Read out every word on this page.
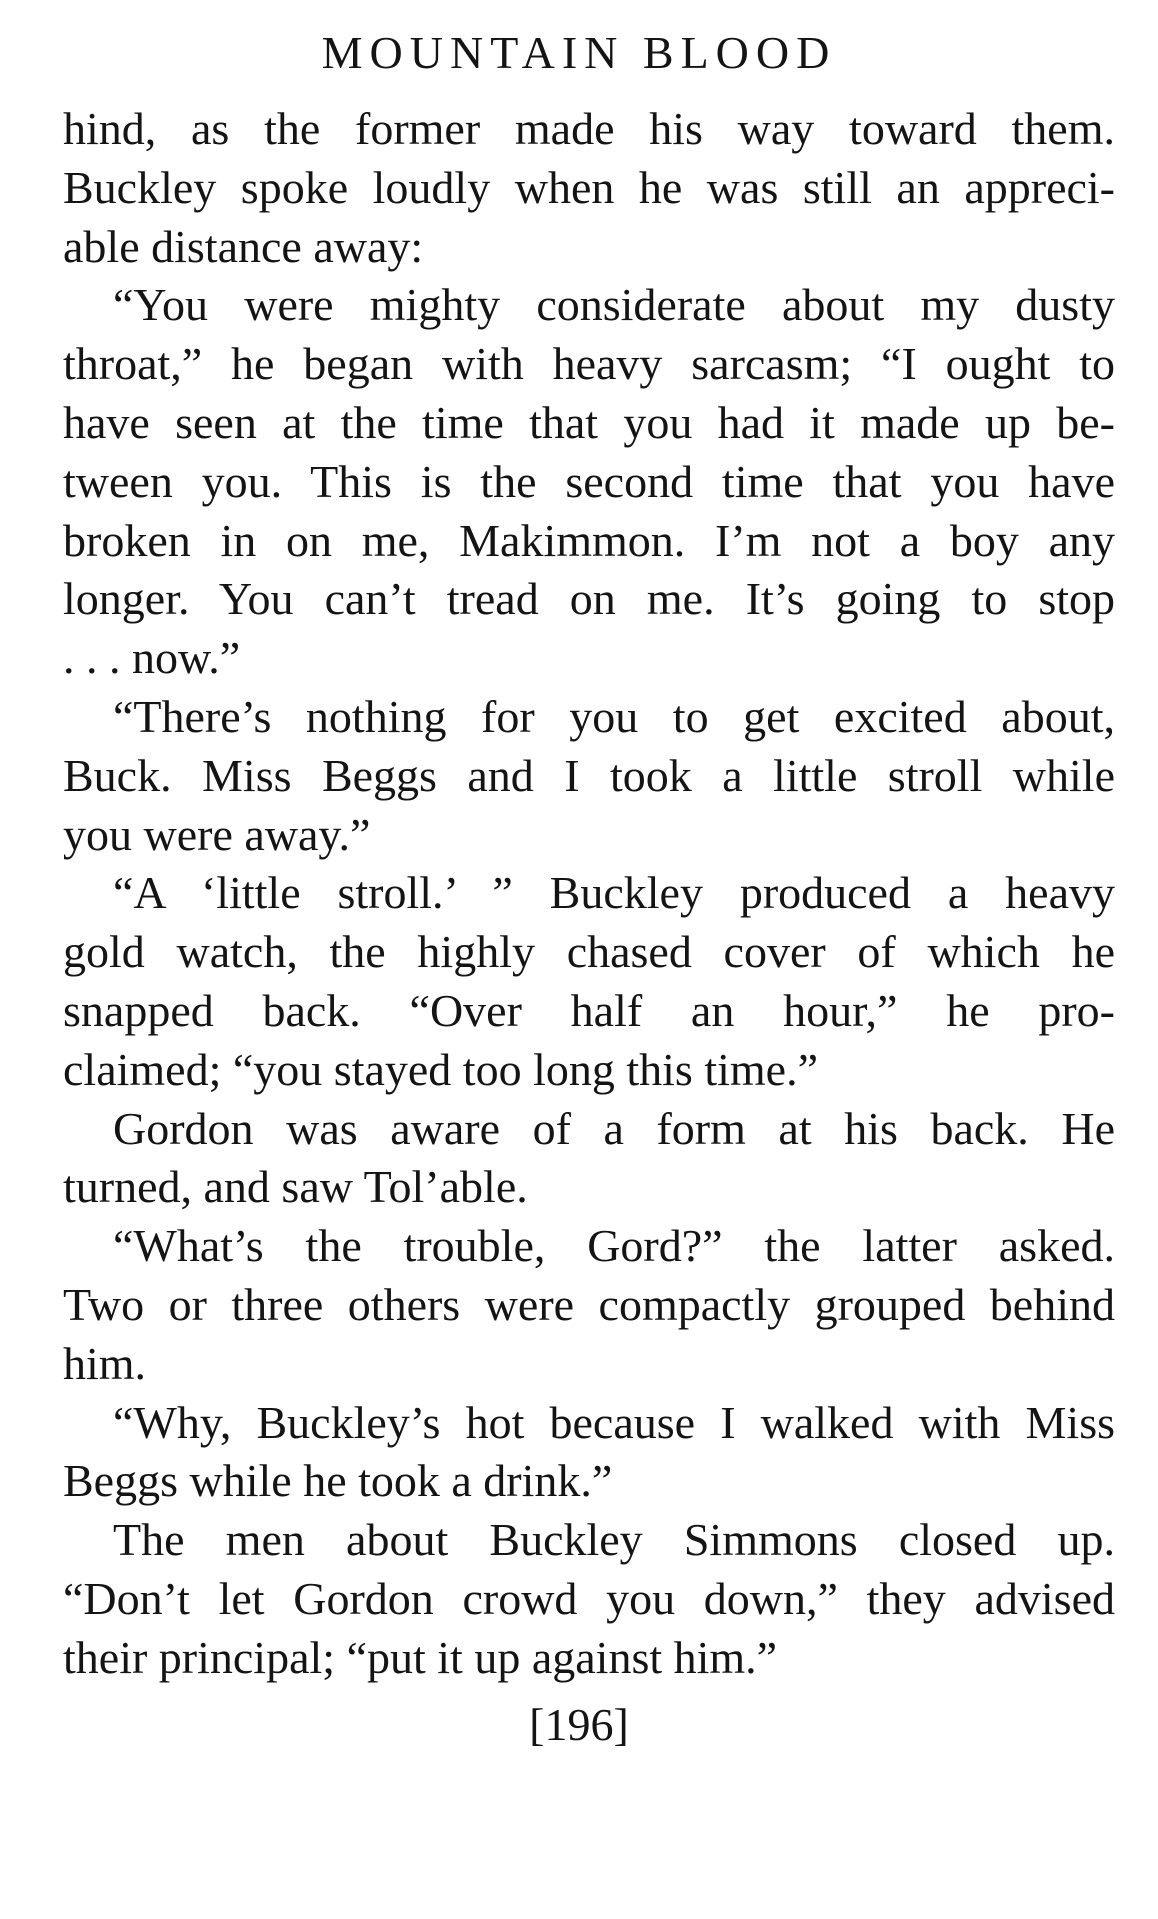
MOUNTAIN BLOOD
hind, as the former made his way toward them.
Buckley spoke loudly when he was still an appreci-
able distance away:
“You were mighty considerate about my dusty
throat,” he began with heavy sarcasm; “I ought to
have seen at the time that you had it made up be-
tween you. This is the second time that you have
broken in on me, Makimmon. I’m not a boy any
longer. You can’t tread on me. It’s going to stop
. . . now.”
“There’s nothing for you to get excited about,
Buck. Miss Beggs and I took a little stroll while
you were away.”
“A ‘little stroll.’ ” Buckley produced a heavy
gold watch, the highly chased cover of which he
snapped back. “Over half an hour,” he pro-
claimed; “you stayed too long this time.”
Gordon was aware of a form at his back. He
turned, and saw Tol’able.
“What’s the trouble, Gord?” the latter asked.
Two or three others were compactly grouped behind
him.
“Why, Buckley’s hot because I walked with Miss
Beggs while he took a drink.”
The men about Buckley Simmons closed up.
“Don’t let Gordon crowd you down,” they advised
their principal; “put it up against him.”
[196]
